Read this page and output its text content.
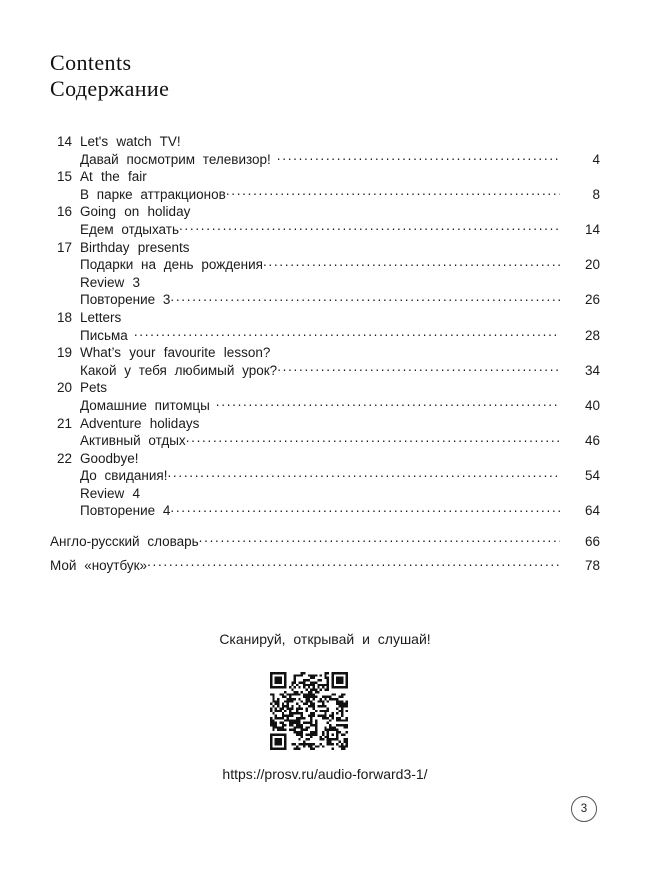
Contents
Содержание
14 Let's watch TV!
Давай посмотрим телевизор! .....	4
15 At the fair
В парке аттракционов .....	8
16 Going on holiday
Едем отдыхать .....	14
17 Birthday presents
Подарки на день рождения .....	20
Review 3
Повторение 3 .....	26
18 Letters
Письма .....	28
19 What’s your favourite lesson?
Какой у тебя любимый урок? .....	34
20 Pets
Домашние питомцы .....	40
21 Adventure holidays
Активный отдых .....	46
22 Goodbye!
До свидания! .....	54
Review 4
Повторение 4 .....	64
Англо-русский словарь .....	66
Мой «ноутбук» .....	78
Сканируй, открывай и слушай!
https://prosv.ru/audio-forward3-1/
3
